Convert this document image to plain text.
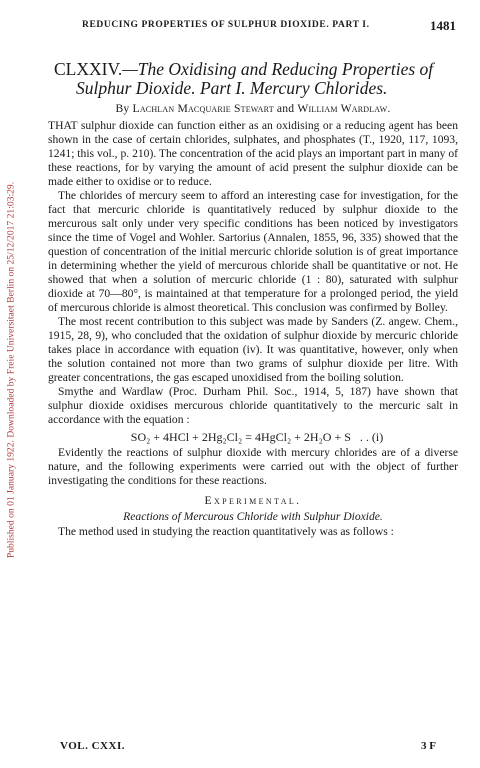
Published on 01 January 1922. Downloaded by Freie Universitaet Berlin on 25/12/2017 21:03:29.
REDUCING PROPERTIES OF SULPHUR DIOXIDE. PART I.	1481
CLXXIV.—The Oxidising and Reducing Properties of
Sulphur Dioxide. Part I. Mercury Chlorides.
By Lachlan Macquarie Stewart and William Wardlaw.

THAT sulphur dioxide can function either as an oxidising or a reducing agent has been shown in the case of certain chlorides, sulphates, and phosphates (T., 1920, 117, 1093, 1241; this vol., p. 210). The concentration of the acid plays an important part in many of these reactions, for by varying the amount of acid present the sulphur dioxide can be made either to oxidise or to reduce.

The chlorides of mercury seem to afford an interesting case for investigation, for the fact that mercuric chloride is quantitatively reduced by sulphur dioxide to the mercurous salt only under very specific conditions has been noticed by investigators since the time of Vogel and Wohler. Sartorius (Annalen, 1855, 96, 335) showed that the question of concentration of the initial mercuric chloride solution is of great importance in determining whether the yield of mercurous chloride shall be quantitative or not. He showed that when a solution of mercuric chloride (1 : 80), saturated with sulphur dioxide at 70—80°, is maintained at that temperature for a prolonged period, the yield of mercurous chloride is almost theoretical. This conclusion was confirmed by Bolley.

The most recent contribution to this subject was made by Sanders (Z. angew. Chem., 1915, 28, 9), who concluded that the oxidation of sulphur dioxide by mercuric chloride takes place in accordance with equation (iv). It was quantitative, however, only when the solution contained not more than two grams of sulphur dioxide per litre. With greater concentrations, the gas escaped unoxidised from the boiling solution.

Smythe and Wardlaw (Proc. Durham Phil. Soc., 1914, 5, 187) have shown that sulphur dioxide oxidises mercurous chloride quantitatively to the mercuric salt in accordance with the equation :

SO₂ + 4HCl + 2Hg₂Cl₂ = 4HgCl₂ + 2H₂O + S . . (i)

Evidently the reactions of sulphur dioxide with mercury chlorides are of a diverse nature, and the following experiments were carried out with the object of further investigating the conditions for these reactions.

Experimental.
Reactions of Mercurous Chloride with Sulphur Dioxide.

The method used in studying the reaction quantitatively was as follows :

VOL. CXXI.	3 F
